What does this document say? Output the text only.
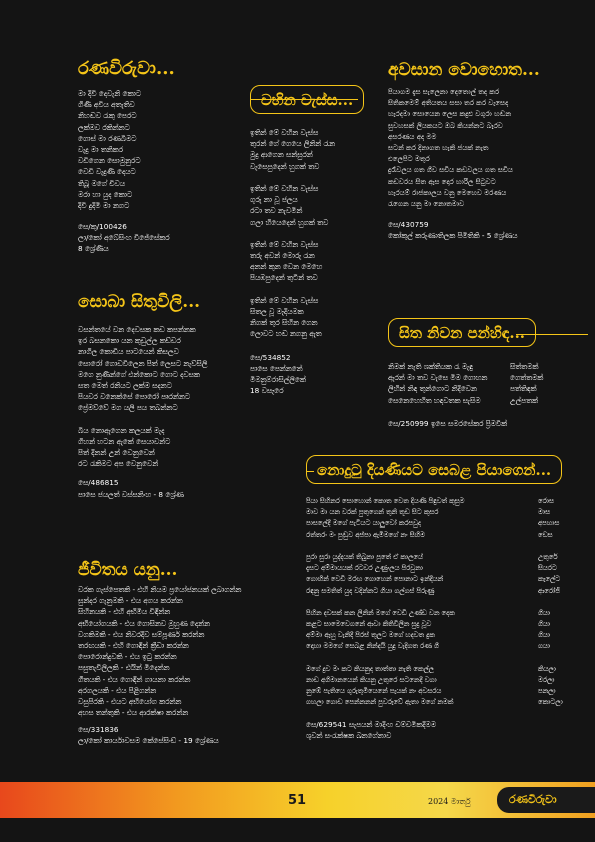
රණවිරුවා...
මා දිවි දෙවැනි කොට
ගිණි අවිය අතැතිව
නිහඬව රැකු පෙරට
ලක්මව රකින්නට
ගොස් මා රණබිමට
වැදු මා තනිකර
වඩිගෙන සොමුනුරට
වෙඩි වැදුණි දෙයට
තිබූ මගේ චිවය
මරා හා යුද කොට
දිවි දුදිමි මා නගට
සෙ/කු/100426
ලා/කෝ අබේසිංහ විජේසේකර
8 ශ්‍රේණිය
සොබා සිතුවිලි...
වසන්තයේ වන දෙවසක කඩ කපන්නක
ඉර බසනකො යන කුඩුල්ල කඩ්ඩර
නාගිල කොඩිය පාටයෙන් කිසලව
සොරෝ ගොඩවිලෙන පිත් ලෙසට නැව්සිලි
මගෙ නුණින්ගේ එන්කොට ගොට දවසක
සත මෙත් රනියට ලක්ම සදනට
පියවර වනෙක්සේ පොරෝ ප්‍රුරන්නට
ප්‍රේමව්වේ මග යලි පය තබන්නට
බිය නොඇගෙන කලයක් මැද
ගිහන් හටන ඇකේ සෙයාවන්ට
පිත් දිනන් උන් වෙනුවෙන්
රට රැකිමට අප වෙනුවෙන්
සෙ/486815
පාසෙ ජයලත් වස්සනිංහ - 8 ශ්‍රේණ
ජීවිතය යනු...
වරක ගැස්පෙතකි - එහි නියම ප්‍රයෝජනයක් ලබාගන්න
සුන්දර ගැනුමකි - එය අගය කරන්න
සිහිනයකි - එහි අභිමිය විඳින්න
අභියෝගයකි - එය ගොසිනව මුහුණ දෙන්න
වගකිමකි - එය නිවරදිව සම්පූර්ණ කරන්න
තරඟයකි - එහි ගොඳින් ක්‍රීඩා කරන්න
පොරොන්දුවකි - එය ඉටු කරන්න
පසුතැවිලිලකි - එයින් මිදෙන්න
ගීතයකි - එය ගොඳින් ගායනා කරන්න
අරගලයකි - එය පිළිගන්න
වසුපිරකි - එයට අභියෝග කරන්න
අහස තන්තුකි - එය ආරක්ෂා කරන්න
සෙ/331836
ලා/කෝ කාර්යාවසම කේසේසිංඩ් - 19 ශ්‍රේණය
වහින වැස්ස...
ඉතින් මේ වහින වැස්ස
තුරන් ගේ ගෙයෙ ලිනින් රැන
මුදු ආගෙන සන්සුරන්
වැසෙපුදෙන් හුගක් තව
ඉතින් මේ වහින වැස්ස
ගුරු නා වූ ජලය
රටා තව නැවමින්
ගලා හියෙදෙන් හුගක් තව
ඉතින් මේ වහින වැස්ස
තරු අවන් මොරු රැන
අනන් කුන වෙන මෙහෙ
පියඹපුදෙන් තුටින් තව
ඉතින් මේ වහින වැස්ස
සිතල වූ මෑදියමක
නිගක් තුර සිහින ගෙන
ලොවට හඬ නගනු ඇත
සෙ/534852
පාසෙ පෙන්නනේ
මිමනුම්රාසිල්ලිකේ
18 වසෑරෙ
අවසාන වොහොත...
පියාගම දැස සැලෙනා දෙතොල් තද කර
සිතිකමෙම් අතියතය සසා තර කර වැසෙද
හැරදමා සොයෙන ලෙස කදුළු වගුරා හඬන
සුවහසක් ලියකයට ඔබ කියන්නට බෑරව
අසරණය අද මම
සටන් කර දිනාගත හැකි ජයක් නැත
එලෙපිට මතුර
දුරෑවලය ගත ගීව සචිය කඩවලය ගත සචිය
කඩවරය සිත ඇස දොර හාරිල සිටුවට
හැරයම් රාජකාලය වනු මෙහෙව මරණය
රැගෙන යනු මා නොතමාව
සෙ/430759
කෝකුල් කරුණාතිලක පිමිතිකි - 5 ශ්‍රේණය
සිත නිවන පන්හිඳ...
නිමක් නැති ශක්තියක රැ මැඳු	සිත්තමක්
ඇරන් මා තව වැසෙ මිම ගොහන	ගෙත්තමක්
ලිහින් නිඳ තුන්ගොට නිදිවෙන	පත්තිඳක්
සෙනෙහෙහිත හඳවතක සැසිම	උල්පතක්
සෙ/250999 ඉසෙ සමරසේකර ප්‍රිමවික්
නොදුටු දියණියට සෙබළ පියාගෙන්...
පියා සිහිනර සොහොන් කොත වෙත දියණි පිඳුවත් කුසුම	රොස
මාව මා යන වරක් පුතුගෙන් තුනි තූඩ සිට කුසර	මාස
පාසලේදී මගේ පැටියට යාලුවෝ කරපවුද	අපහාස
රත්තරං මං පුඬුව අප්පා ඇමිමගේ නං සිහිම	ඩෙස
පුරා සුරා යුද්දයක් තිබුනා පුතේ ඒ කාලයේ	උතුරේ
දැසට අම්මායයක් රටවර උණුංලය පිරවුනා	සියරට
ගොහින් වෙඩි මරඟ ගොහෙන් පොනාට ඉන්දීයන්	කැලේට
රඳනු සමතිත් යුද වදින්නට ගියා ගල්ගස් පිරුණු	ආරෝජි
පිහින දවසක් කන ලිනින් මගේ වෙඩි උණ්ඩ වන දෙක	ගියා
කළට සාමෙවෙගනේ ආවා කිතිවිලින සුදු වූව	ගියා
අම්මා ඇහු වැනිදී පිරස් තුලට මගේ හදවත දුක	ගියා
දොහා මමගේ සෙබළ නින්දයි යුදු වැදිගත රණ ගී	ගයා
මගේ දුව මං කට කියනුද තාත්තා නැති කෙල්ල	කියලා
නාඩ අගිමානයෙන් කියනු උතුරෙ සටනෙදී වගා	මරලා
නුඹේ පැතියෙ ගුරුතුමියෙනේ පැයක් නං අවසරය	පනලා
ගහලා ගොඩ පෙන්නනන් පුවරුවේ ඇතා මගේ නමක්	කොටලා
සෙ/629541 සැපයන් මාදිංහ චම්චමිකදිමම
ශුවන් සංරැක්ෂක ඛනගේනාව
51	2024 මාර්තු	රණවිරුවා
